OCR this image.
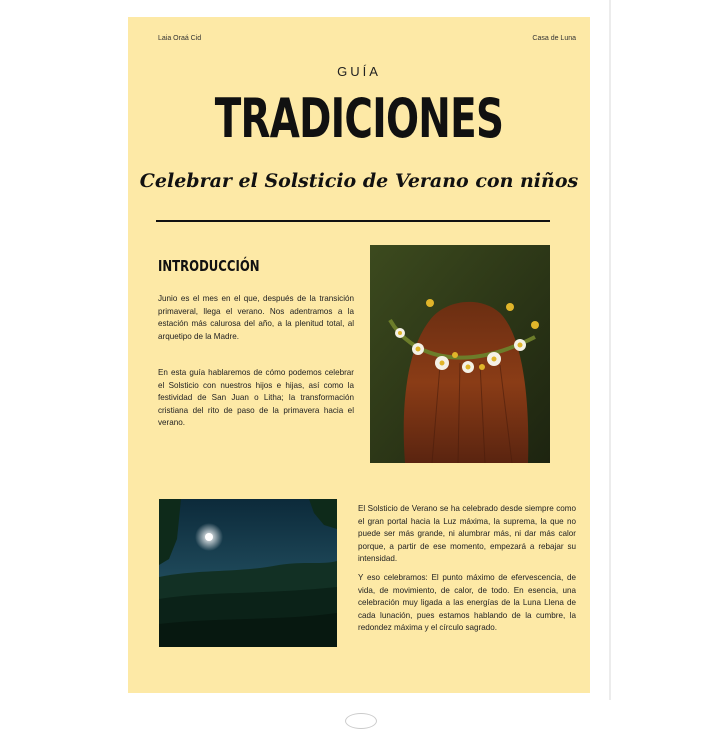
Laia Oraá Cid	Casa de Luna
GUÍA
TRADICIONES
Celebrar el Solsticio de Verano con niños
INTRODUCCIÓN

Junio es el mes en el que, después de la transición primaveral, llega el verano. Nos adentramos a la estación más calurosa del año, a la plenitud total, al arquetipo de la Madre.

En esta guía hablaremos de cómo podemos celebrar el Solsticio con nuestros hijos e hijas, así como la festividad de San Juan o Litha; la transformación cristiana del rito de paso de la primavera hacia el verano.

El Solsticio de Verano se ha celebrado desde siempre como el gran portal hacia la Luz máxima, la suprema, la que no puede ser más grande, ni alumbrar más, ni dar más calor porque, a partir de ese momento, empezará a rebajar su intensidad.

Y eso celebramos: El punto máximo de efervescencia, de vida, de movimiento, de calor, de todo. En esencia, una celebración muy ligada a las energías de la Luna Llena de cada lunación, pues estamos hablando de la cumbre, la redondez máxima y el círculo sagrado.
